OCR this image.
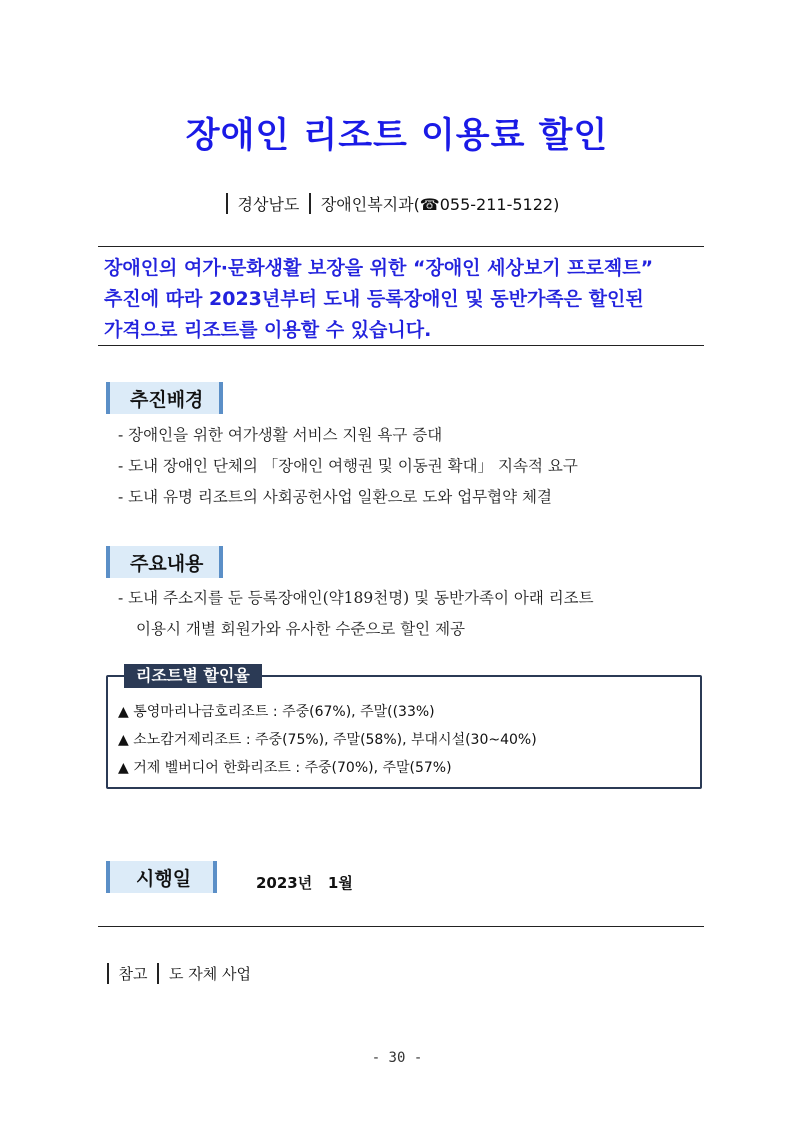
장애인 리조트 이용료 할인
경상남도 장애인복지과(☎055-211-5122)

장애인의 여가·문화생활 보장을 위한 “장애인 세상보기 프로젝트”

추진에 따라 2023년부터 도내 등록장애인 및 동반가족은 할인된

가격으로 리조트를 이용할 수 있습니다.

추진배경
- 장애인을 위한 여가생활 서비스 지원 욕구 증대
- 도내 장애인 단체의 「장애인 여행권 및 이동권 확대」 지속적 요구
- 도내 유명 리조트의 사회공헌사업 일환으로 도와 업무협약 체결
주요내용
- 도내 주소지를 둔 등록장애인(약189천명) 및 동반가족이 아래 리조트
이용시 개별 회원가와 유사한 수준으로 할인 제공
리조트별 할인율
▲ 통영마리나금호리조트 : 주중(67%), 주말((33%)
▲ 소노캄거제리조트 : 주중(75%), 주말(58%), 부대시설(30~40%)
▲ 거제 벨버디어 한화리조트 : 주중(70%), 주말(57%)
시행일	2023년   1월
참고 도 자체 사업
- 30 -
